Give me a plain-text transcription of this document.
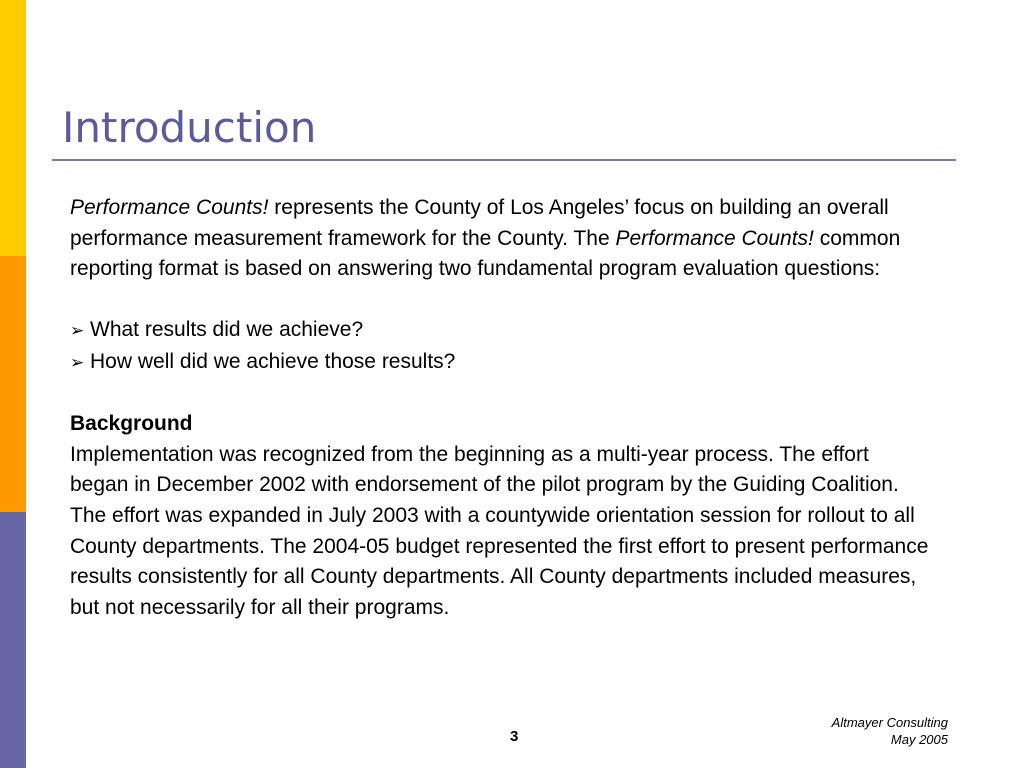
Introduction

Performance Counts! represents the County of Los Angeles’ focus on building an overall performance measurement framework for the County. The Performance Counts! common reporting format is based on answering two fundamental program evaluation questions:

➢ What results did we achieve?
➢ How well did we achieve those results?

Background

Implementation was recognized from the beginning as a multi-year process. The effort began in December 2002 with endorsement of the pilot program by the Guiding Coalition. The effort was expanded in July 2003 with a countywide orientation session for rollout to all County departments. The 2004-05 budget represented the first effort to present performance results consistently for all County departments. All County departments included measures, but not necessarily for all their programs.

3
Altmayer Consulting
May 2005
